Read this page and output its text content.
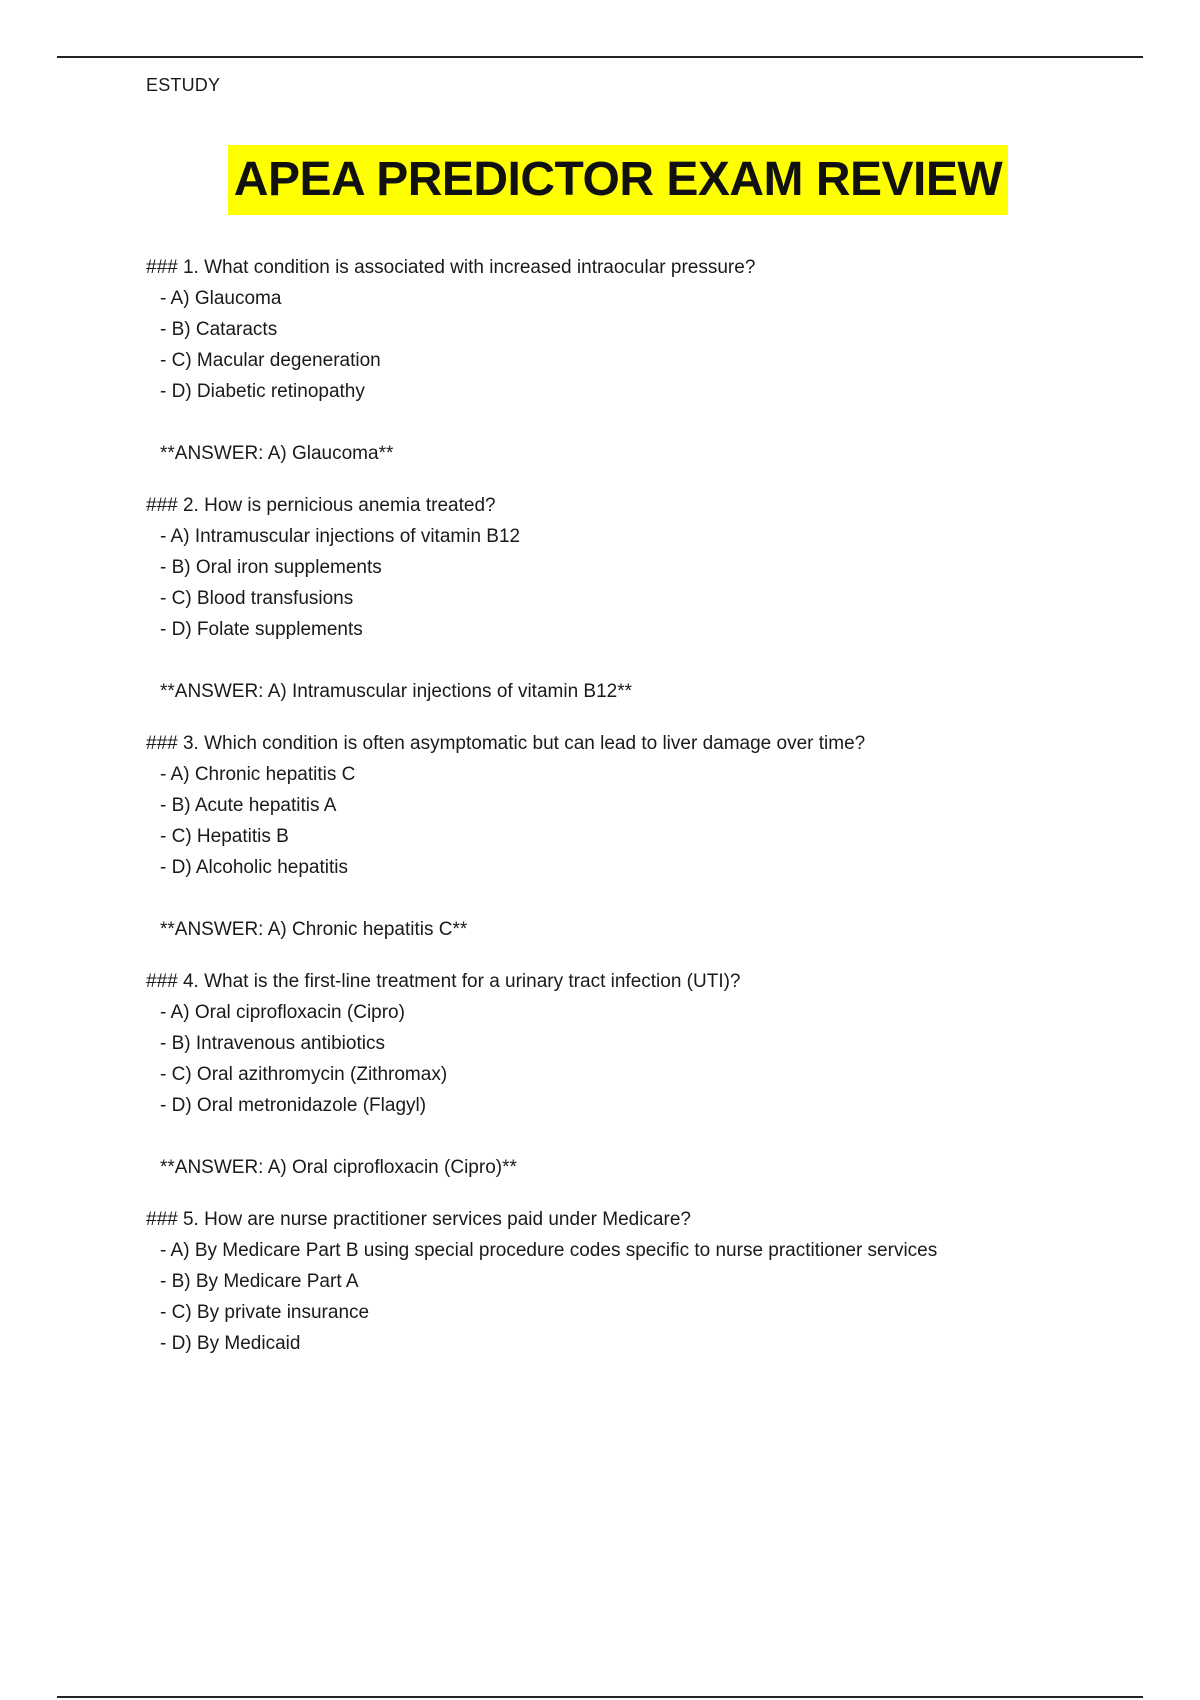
ESTUDY
APEA PREDICTOR EXAM REVIEW
### 1. What condition is associated with increased intraocular pressure?
- A) Glaucoma
- B) Cataracts
- C) Macular degeneration
- D) Diabetic retinopathy
**ANSWER: A) Glaucoma**
### 2. How is pernicious anemia treated?
- A) Intramuscular injections of vitamin B12
- B) Oral iron supplements
- C) Blood transfusions
- D) Folate supplements
**ANSWER: A) Intramuscular injections of vitamin B12**
### 3. Which condition is often asymptomatic but can lead to liver damage over time?
- A) Chronic hepatitis C
- B) Acute hepatitis A
- C) Hepatitis B
- D) Alcoholic hepatitis
**ANSWER: A) Chronic hepatitis C**
### 4. What is the first-line treatment for a urinary tract infection (UTI)?
- A) Oral ciprofloxacin (Cipro)
- B) Intravenous antibiotics
- C) Oral azithromycin (Zithromax)
- D) Oral metronidazole (Flagyl)
**ANSWER: A) Oral ciprofloxacin (Cipro)**
### 5. How are nurse practitioner services paid under Medicare?
- A) By Medicare Part B using special procedure codes specific to nurse practitioner services
- B) By Medicare Part A
- C) By private insurance
- D) By Medicaid
